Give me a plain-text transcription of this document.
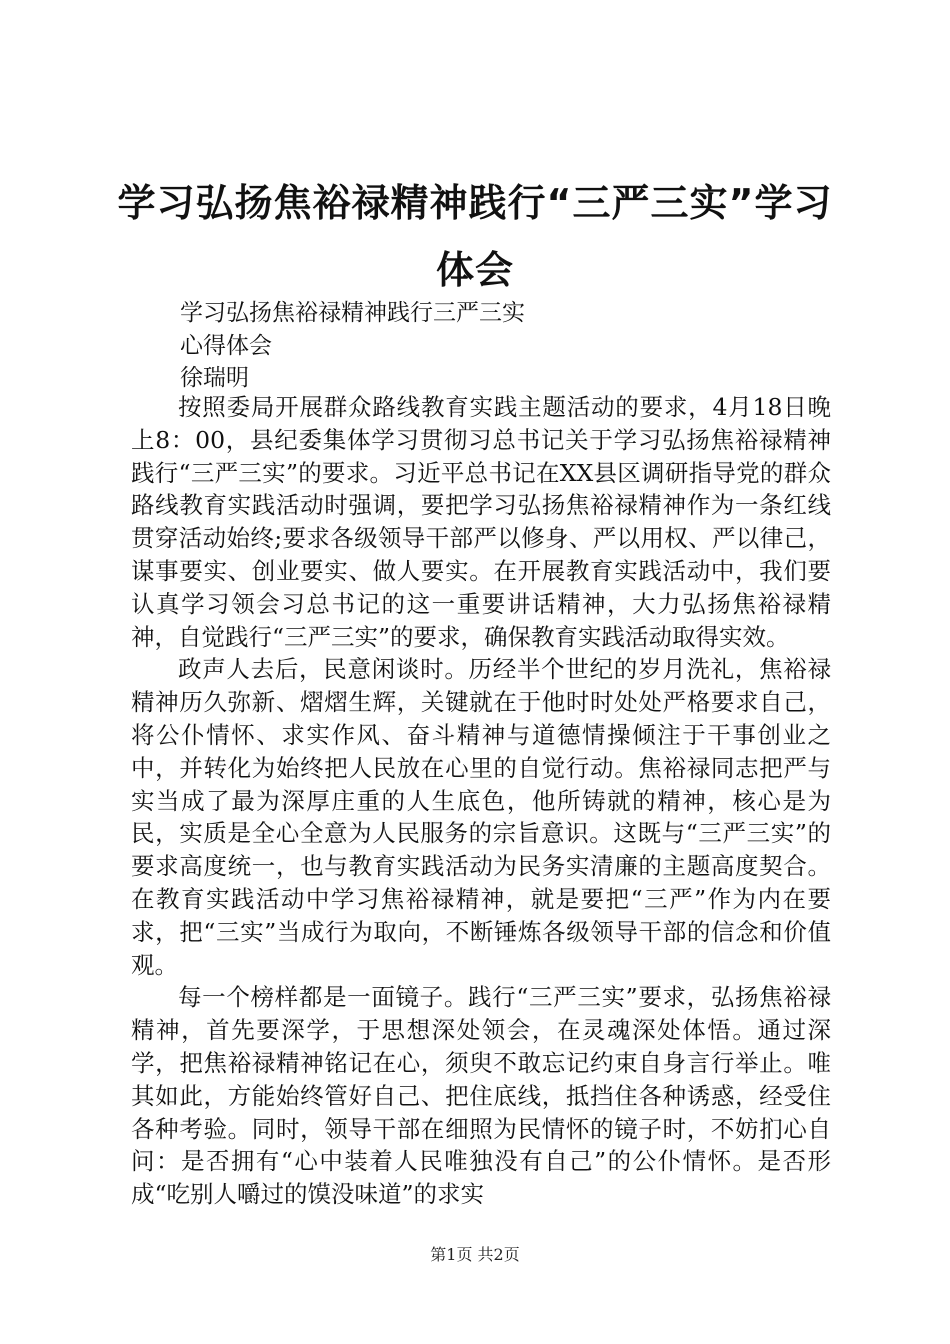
学习弘扬焦裕禄精神践行“三严三实”学习体会
学习弘扬焦裕禄精神践行三严三实
心得体会
徐瑞明

按照委局开展群众路线教育实践主题活动的要求，4月18日晚上8：00，县纪委集体学习贯彻习总书记关于学习弘扬焦裕禄精神践行“三严三实”的要求。习近平总书记在XX县区调研指导党的群众路线教育实践活动时强调，要把学习弘扬焦裕禄精神作为一条红线贯穿活动始终;要求各级领导干部严以修身、严以用权、严以律己，谋事要实、创业要实、做人要实。在开展教育实践活动中，我们要认真学习领会习总书记的这一重要讲话精神，大力弘扬焦裕禄精神，自觉践行“三严三实”的要求，确保教育实践活动取得实效。

政声人去后，民意闲谈时。历经半个世纪的岁月洗礼，焦裕禄精神历久弥新、熠熠生辉，关键就在于他时时处处严格要求自己，将公仆情怀、求实作风、奋斗精神与道德情操倾注于干事创业之中，并转化为始终把人民放在心里的自觉行动。焦裕禄同志把严与实当成了最为深厚庄重的人生底色，他所铸就的精神，核心是为民，实质是全心全意为人民服务的宗旨意识。这既与“三严三实”的要求高度统一，也与教育实践活动为民务实清廉的主题高度契合。在教育实践活动中学习焦裕禄精神，就是要把“三严”作为内在要求，把“三实”当成行为取向，不断锤炼各级领导干部的信念和价值观。

每一个榜样都是一面镜子。践行“三严三实”要求，弘扬焦裕禄精神，首先要深学，于思想深处领会，在灵魂深处体悟。通过深学，把焦裕禄精神铭记在心，须臾不敢忘记约束自身言行举止。唯其如此，方能始终管好自己、把住底线，抵挡住各种诱惑，经受住各种考验。同时，领导干部在细照为民情怀的镜子时，不妨扪心自问：是否拥有“心中装着人民唯独没有自己”的公仆情怀。是否形成“吃别人嚼过的馍没味道”的求实

第1页 共2页
